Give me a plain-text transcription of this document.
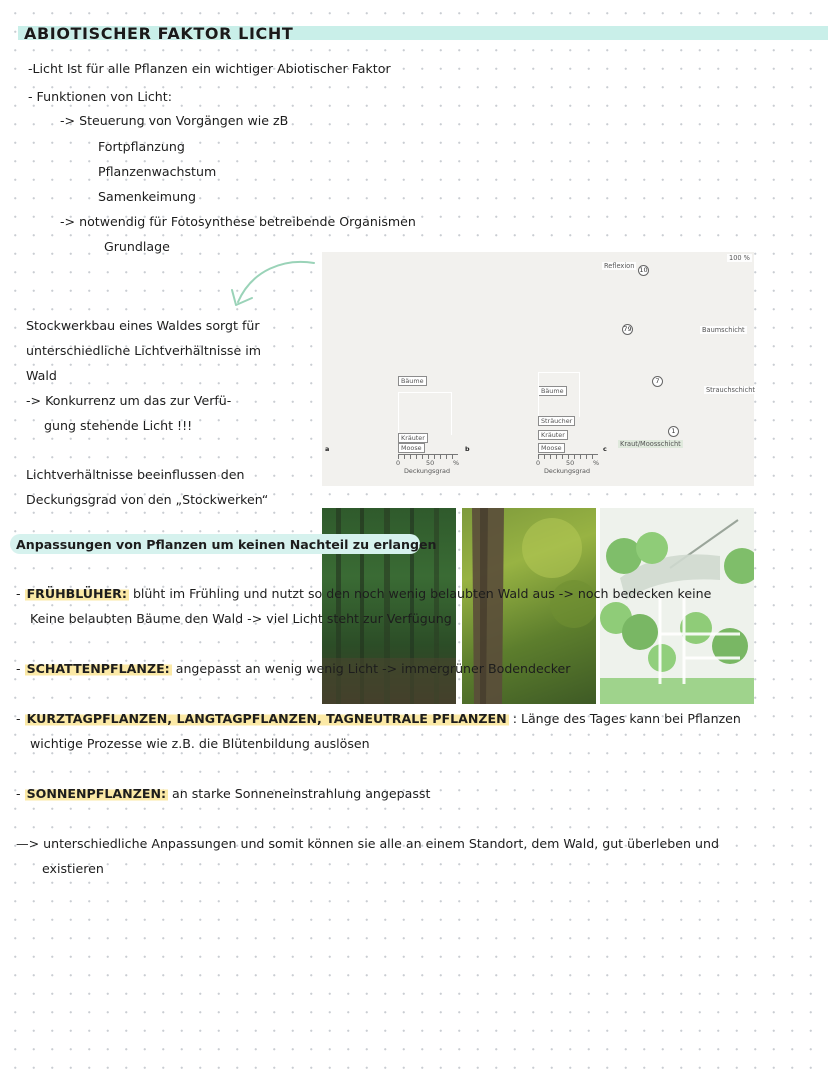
ABIOTISCHER FAKTOR LICHT
-Licht Ist für alle Pflanzen ein wichtiger Abiotischer Faktor
- Funktionen von Licht:
-> Steuerung von Vorgängen wie zB
Fortpflanzung
Pflanzenwachstum
Samenkeimung
-> notwendig für Fotosynthese betreibende Organismen
Grundlage
Stockwerkbau eines Waldes sorgt für
unterschiedliche Lichtverhältnisse im
Wald
-> Konkurrenz um das zur Verfü-
gung stehende Licht !!!
Lichtverhältnisse beeinflussen den
Deckungsgrad von den „Stockwerken“
a
Bäume
Kräuter
Moose
0	50	%
Deckungsgrad
b
Bäume
Sträucher
Kräuter
Moose
0	50	%
Deckungsgrad
c
Reflexion 10
100 %
79	Baumschicht
7
Strauchschicht
1
Kraut/Moosschicht
Anpassungen von Pflanzen um keinen Nachteil zu erlangen
- FRÜHBLÜHER: blüht im Frühling und nutzt so den noch wenig belaubten Wald aus -> noch bedecken keine
Keine belaubten Bäume den Wald -> viel Licht steht zur Verfügung
- SCHATTENPFLANZE: angepasst an wenig wenig Licht -> immergrüner Bodendecker
- KURZTAGPFLANZEN, LANGTAGPFLANZEN, TAGNEUTRALE PFLANZEN : Länge des Tages kann bei Pflanzen
wichtige Prozesse wie z.B. die Blütenbildung auslösen
- SONNENPFLANZEN: an starke Sonneneinstrahlung angepasst
—> unterschiedliche Anpassungen und somit können sie alle an einem Standort, dem Wald, gut überleben und
existieren
